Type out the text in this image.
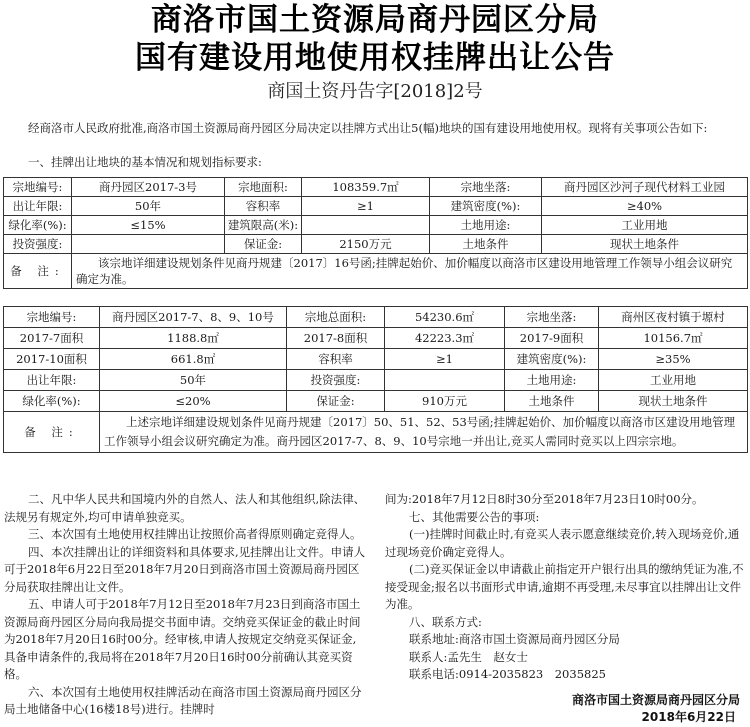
商洛市国土资源局商丹园区分局
国有建设用地使用权挂牌出让公告
商国土资丹告字[2018]2号

经商洛市人民政府批准,商洛市国土资源局商丹园区分局决定以挂牌方式出让5(幅)地块的国有建设用地使用权。现将有关事项公告如下:

一、挂牌出让地块的基本情况和规划指标要求:

宗地编号:	商丹园区2017-3号	宗地面积:	108359.7㎡	宗地坐落:	商丹园区沙河子现代材料工业园
出让年限:	50年	容积率	≥1	建筑密度(%):	≥40%
绿化率(%):	≤15%	建筑限高(米):		土地用途:	工业用地
投资强度:		保证金:	2150万元	土地条件	现状土地条件
备 注:	该宗地详细建设规划条件见商丹规建〔2017〕16号函;挂牌起始价、加价幅度以商洛市区建设用地管理工作领导小组会议研究确定为准。				
宗地编号:	商丹园区2017-7、8、9、10号	宗地总面积:	54230.6㎡	宗地坐落:	商州区夜村镇于塬村
2017-7面积	1188.8㎡	2017-8面积	42223.3㎡	2017-9面积	10156.7㎡
2017-10面积	661.8㎡	容积率	≥1	建筑密度(%):	≥35%
出让年限:	50年	投资强度:		土地用途:	工业用地
绿化率(%):	≤20%	保证金:	910万元	土地条件	现状土地条件
备 注:	上述宗地详细建设规划条件见商丹规建〔2017〕50、51、52、53号函;挂牌起始价、加价幅度以商洛市区建设用地管理工作领导小组会议研究确定为准。商丹园区2017-7、8、9、10号宗地一并出让,竞买人需同时竞买以上四宗宗地。				

二、凡中华人民共和国境内外的自然人、法人和其他组织,除法律、法规另有规定外,均可申请单独竞买。

三、本次国有土地使用权挂牌出让按照价高者得原则确定竞得人。

四、本次挂牌出让的详细资料和具体要求,见挂牌出让文件。申请人可于2018年6月22日至2018年7月20日到商洛市国土资源局商丹园区分局获取挂牌出让文件。

五、申请人可于2018年7月12日至2018年7月23日到商洛市国土资源局商丹园区分局向我局提交书面申请。交纳竞买保证金的截止时间为2018年7月20日16时00分。经审核,申请人按规定交纳竞买保证金,具备申请条件的,我局将在2018年7月20日16时00分前确认其竞买资格。

六、本次国有土地使用权挂牌活动在商洛市国土资源局商丹园区分局土地储备中心(16楼18号)进行。挂牌时

间为:2018年7月12日8时30分至2018年7月23日10时00分。

七、其他需要公告的事项:

(一)挂牌时间截止时,有竞买人表示愿意继续竞价,转入现场竞价,通过现场竞价确定竞得人。

(二)竞买保证金以申请截止前指定开户银行出具的缴纳凭证为准,不接受现金;报名以书面形式申请,逾期不再受理,未尽事宜以挂牌出让文件为准。

八、联系方式:

联系地址:商洛市国土资源局商丹园区分局

联系人:孟先生　赵女士

联系电话:0914-2035823　2035825

商洛市国土资源局商丹园区分局
2018年6月22日
